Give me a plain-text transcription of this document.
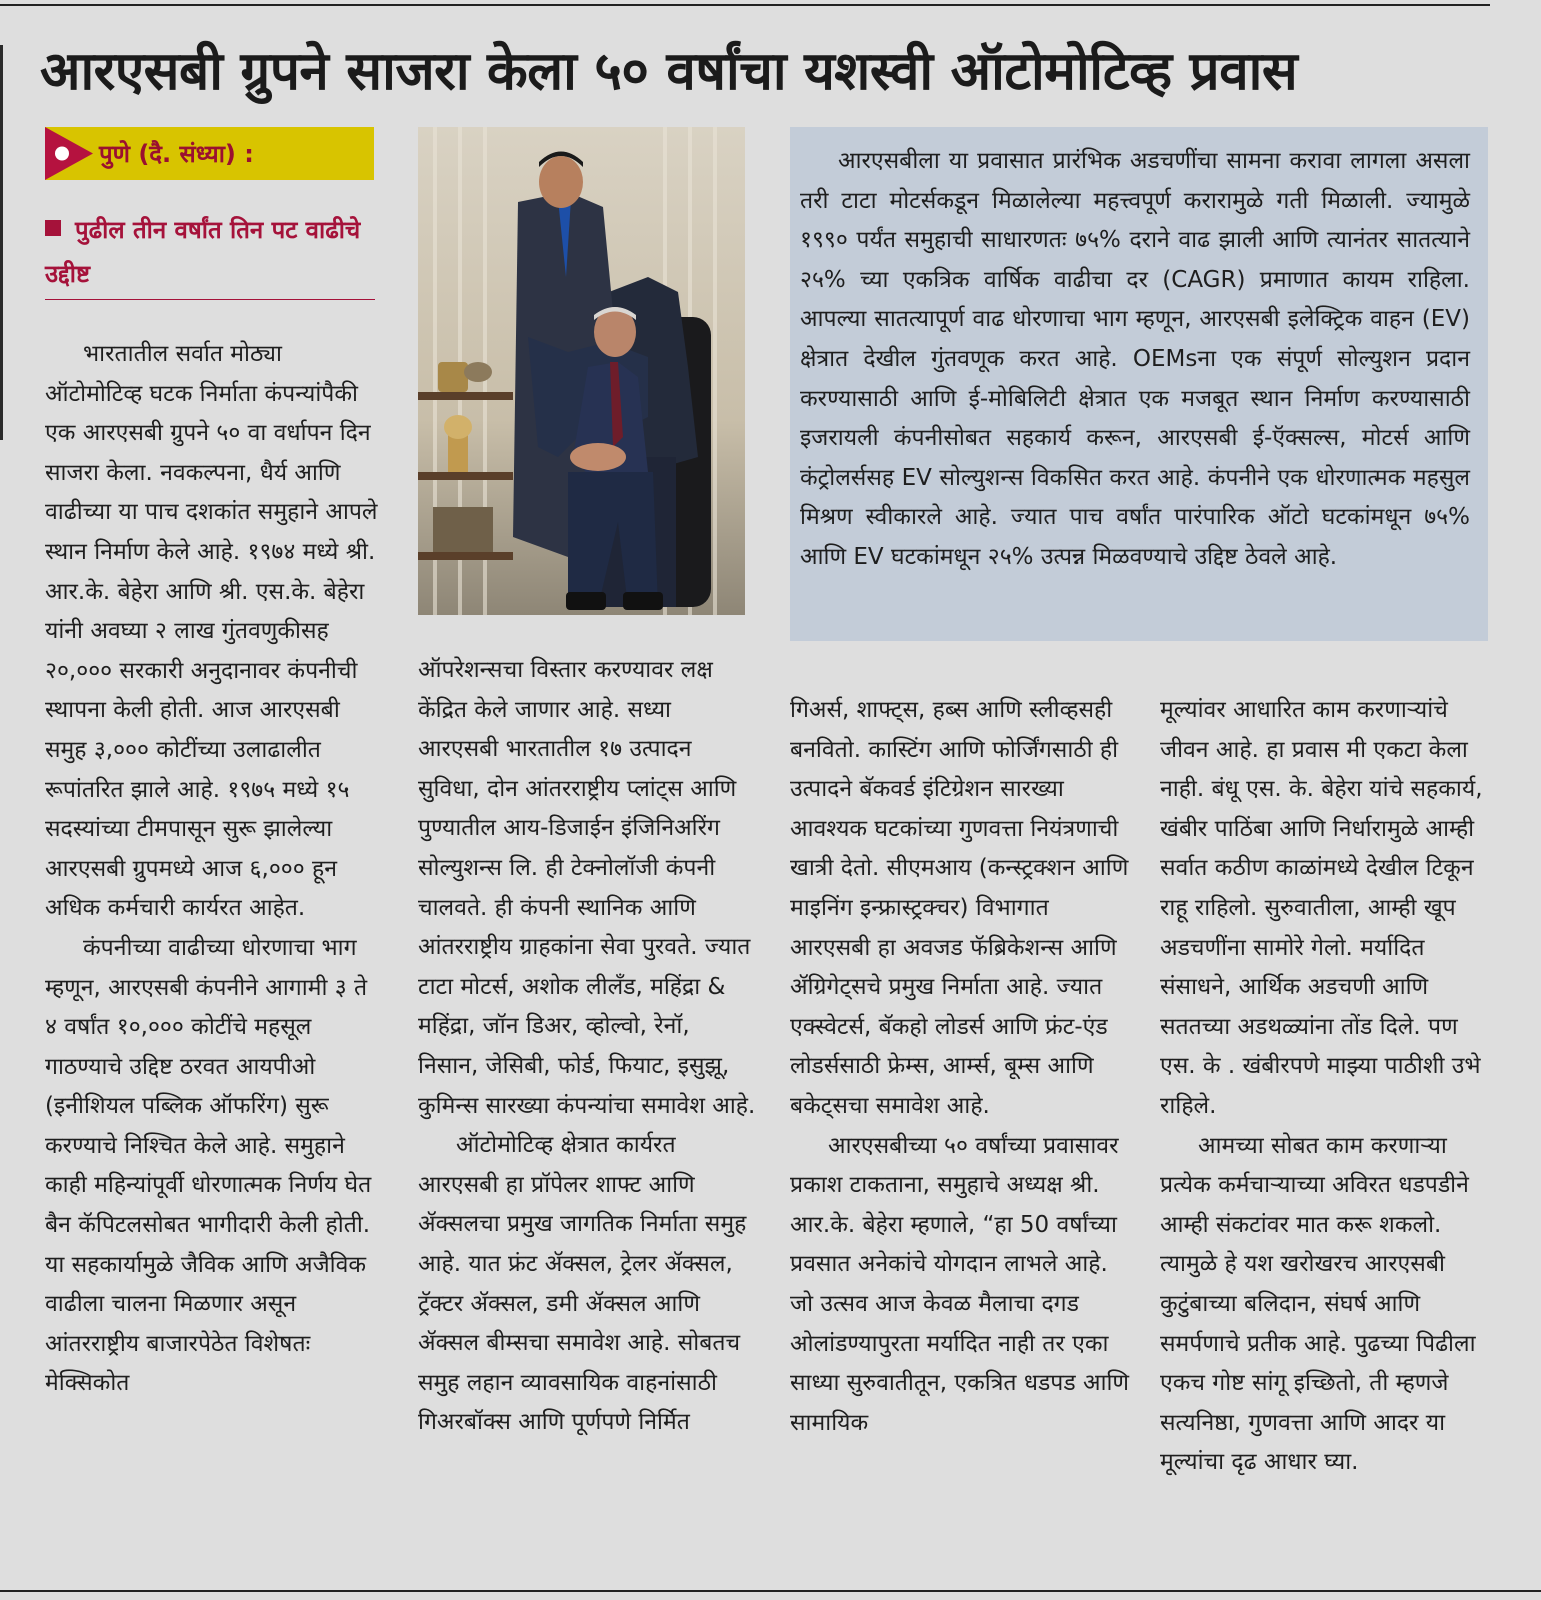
आरएसबी ग्रुपने साजरा केला ५० वर्षांचा यशस्वी ऑटोमोटिव्ह प्रवास
पुणे (दै. संध्या) :
पुढील तीन वर्षांत तिन पट वाढीचे उद्दीष्ट

आरएसबीला या प्रवासात प्रारंभिक अडचणींचा सामना करावा लागला असला तरी टाटा मोटर्सकडून मिळालेल्या महत्त्वपूर्ण करारामुळे गती मिळाली. ज्यामुळे १९९० पर्यंत समुहाची साधारणतः ७५% दराने वाढ झाली आणि त्यानंतर सातत्याने २५% च्या एकत्रिक वार्षिक वाढीचा दर (CAGR) प्रमाणात कायम राहिला. आपल्या सातत्यापूर्ण वाढ धोरणाचा भाग म्हणून, आरएसबी इलेक्ट्रिक वाहन (EV) क्षेत्रात देखील गुंतवणूक करत आहे. OEMsना एक संपूर्ण सोल्युशन प्रदान करण्यासाठी आणि ई-मोबिलिटी क्षेत्रात एक मजबूत स्थान निर्माण करण्यासाठी इजरायली कंपनीसोबत सहकार्य करून, आरएसबी ई-ऍक्सल्स, मोटर्स आणि कंट्रोलर्ससह EV सोल्युशन्स विकसित करत आहे. कंपनीने एक धोरणात्मक महसुल मिश्रण स्वीकारले आहे. ज्यात पाच वर्षांत पारंपारिक ऑटो घटकांमधून ७५% आणि EV घटकांमधून २५% उत्पन्न मिळवण्याचे उद्दिष्ट ठेवले आहे.

भारतातील सर्वात मोठ्या ऑटोमोटिव्ह घटक निर्माता कंपन्यांपैकी एक आरएसबी ग्रुपने ५० वा वर्धापन दिन साजरा केला. नवकल्पना, धैर्य आणि वाढीच्या या पाच दशकांत समुहाने आपले स्थान निर्माण केले आहे. १९७४ मध्ये श्री. आर.के. बेहेरा आणि श्री. एस.के. बेहेरा यांनी अवघ्या २ लाख गुंतवणुकीसह २०,००० सरकारी अनुदानावर कंपनीची स्थापना केली होती. आज आरएसबी समुह ३,००० कोटींच्या उलाढालीत रूपांतरित झाले आहे. १९७५ मध्ये १५ सदस्यांच्या टीमपासून सुरू झालेल्या आरएसबी ग्रुपमध्ये आज ६,००० हून अधिक कर्मचारी कार्यरत आहेत.

कंपनीच्या वाढीच्या धोरणाचा भाग म्हणून, आरएसबी कंपनीने आगामी ३ ते ४ वर्षांत १०,००० कोटींचे महसूल गाठण्याचे उद्दिष्ट ठरवत आयपीओ (इनीशियल पब्लिक ऑफरिंग) सुरू करण्याचे निश्चित केले आहे. समुहाने काही महिन्यांपूर्वी धोरणात्मक निर्णय घेत बैन कॅपिटलसोबत भागीदारी केली होती. या सहकार्यामुळे जैविक आणि अजैविक वाढीला चालना मिळणार असून आंतरराष्ट्रीय बाजारपेठेत विशेषतः मेक्सिकोत

ऑपरेशन्सचा विस्तार करण्यावर लक्ष केंद्रित केले जाणार आहे. सध्या आरएसबी भारतातील १७ उत्पादन सुविधा, दोन आंतरराष्ट्रीय प्लांट्स आणि पुण्यातील आय-डिजाईन इंजिनिअरिंग सोल्युशन्स लि. ही टेक्नोलॉजी कंपनी चालवते. ही कंपनी स्थानिक आणि आंतरराष्ट्रीय ग्राहकांना सेवा पुरवते. ज्यात टाटा मोटर्स, अशोक लीलँड, महिंद्रा & महिंद्रा, जॉन डिअर, व्होल्वो, रेनॉ, निसान, जेसिबी, फोर्ड, फियाट, इसुझू, कुमिन्स सारख्या कंपन्यांचा समावेश आहे.

ऑटोमोटिव्ह क्षेत्रात कार्यरत आरएसबी हा प्रॉपेलर शाफ्ट आणि ॲक्सलचा प्रमुख जागतिक निर्माता समुह आहे. यात फ्रंट ॲक्सल, ट्रेलर ॲक्सल, ट्रॅक्टर ॲक्सल, डमी ॲक्सल आणि ॲक्सल बीम्सचा समावेश आहे. सोबतच समुह लहान व्यावसायिक वाहनांसाठी गिअरबॉक्स आणि पूर्णपणे निर्मित

गिअर्स, शाफ्ट्स, हब्स आणि स्लीव्हसही बनवितो. कास्टिंग आणि फोर्जिंगसाठी ही उत्पादने बॅकवर्ड इंटिग्रेशन सारख्या आवश्यक घटकांच्या गुणवत्ता नियंत्रणाची खात्री देतो. सीएमआय (कन्स्ट्रक्शन आणि माइनिंग इन्फ्रास्ट्रक्चर) विभागात आरएसबी हा अवजड फॅब्रिकेशन्स आणि ॲग्रिगेट्सचे प्रमुख निर्माता आहे. ज्यात एक्स्वेटर्स, बॅकहो लोडर्स आणि फ्रंट-एंड लोडर्ससाठी फ्रेम्स, आर्म्स, बूम्स आणि बकेट्सचा समावेश आहे.

आरएसबीच्या ५० वर्षांच्या प्रवासावर प्रकाश टाकताना, समुहाचे अध्यक्ष श्री. आर.के. बेहेरा म्हणाले, “हा 50 वर्षांच्या प्रवसात अनेकांचे योगदान लाभले आहे. जो उत्सव आज केवळ मैलाचा दगड ओलांडण्यापुरता मर्यादित नाही तर एका साध्या सुरुवातीतून, एकत्रित धडपड आणि सामायिक

मूल्यांवर आधारित काम करणाऱ्यांचे जीवन आहे. हा प्रवास मी एकटा केला नाही. बंधू एस. के. बेहेरा यांचे सहकार्य, खंबीर पाठिंबा आणि निर्धारामुळे आम्ही सर्वात कठीण काळांमध्ये देखील टिकून राहू राहिलो. सुरुवातीला, आम्ही खूप अडचणींना सामोरे गेलो. मर्यादित संसाधने, आर्थिक अडचणी आणि सततच्या अडथळ्यांना तोंड दिले. पण एस. के . खंबीरपणे माझ्या पाठीशी उभे राहिले.

आमच्या सोबत काम करणाऱ्या प्रत्येक कर्मचाऱ्याच्या अविरत धडपडीने आम्ही संकटांवर मात करू शकलो. त्यामुळे हे यश खरोखरच आरएसबी कुटुंबाच्या बलिदान, संघर्ष आणि समर्पणाचे प्रतीक आहे. पुढच्या पिढीला एकच गोष्ट सांगू इच्छितो, ती म्हणजे सत्यनिष्ठा, गुणवत्ता आणि आदर या मूल्यांचा दृढ आधार घ्या.
